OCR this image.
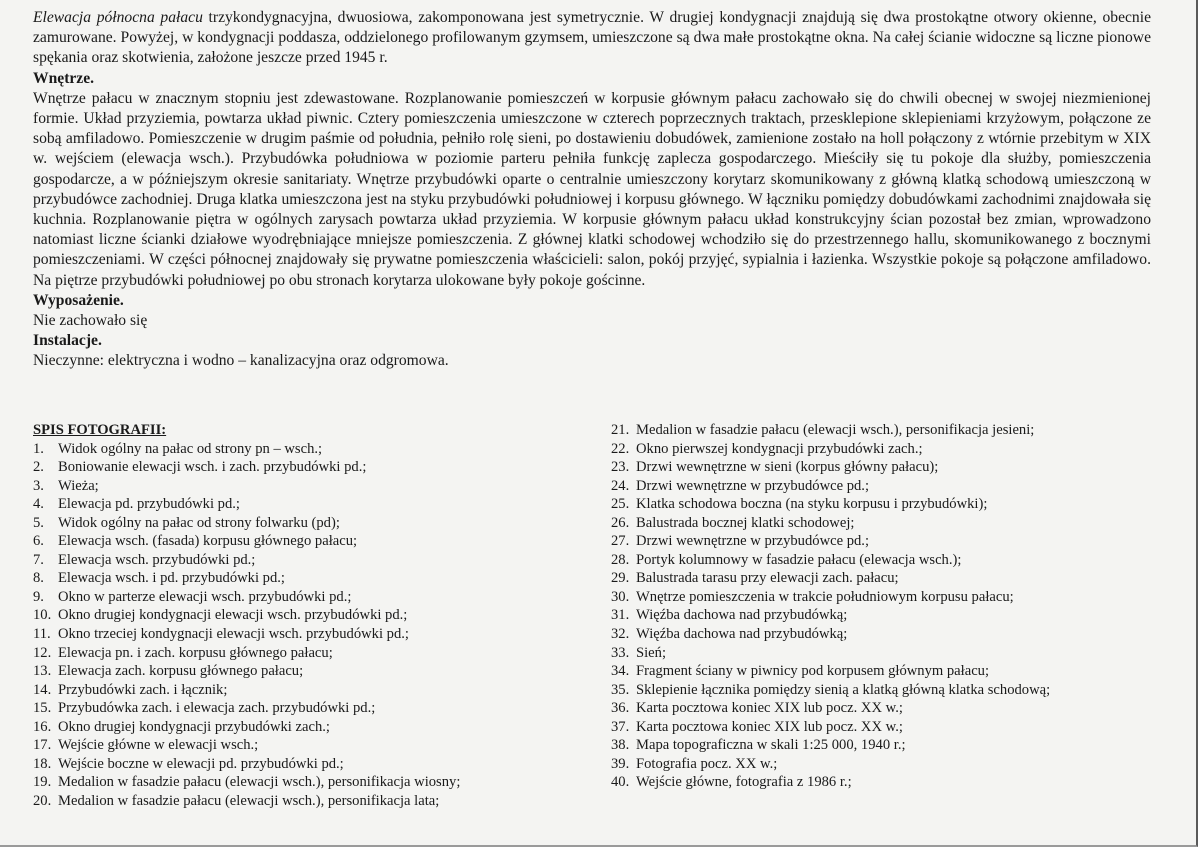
Elewacja północna pałacu trzykondygnacyjna, dwuosiowa, zakomponowana jest symetrycznie. W drugiej kondygnacji znajdują się dwa prostokątne otwory okienne, obecnie zamurowane. Powyżej, w kondygnacji poddasza, oddzielonego profilowanym gzymsem, umieszczone są dwa małe prostokątne okna. Na całej ścianie widoczne są liczne pionowe spękania oraz skotwienia, założone jeszcze przed 1945 r.

Wnętrze.

Wnętrze pałacu w znacznym stopniu jest zdewastowane. Rozplanowanie pomieszczeń w korpusie głównym pałacu zachowało się do chwili obecnej w swojej niezmienionej formie. Układ przyziemia, powtarza układ piwnic. Cztery pomieszczenia umieszczone w czterech poprzecznych traktach, przesklepione sklepieniami krzyżowym, połączone ze sobą amfiladowo. Pomieszczenie w drugim paśmie od południa, pełniło rolę sieni, po dostawieniu dobudówek, zamienione zostało na holl połączony z wtórnie przebitym w XIX w. wejściem (elewacja wsch.). Przybudówka południowa w poziomie parteru pełniła funkcję zaplecza gospodarczego. Mieściły się tu pokoje dla służby, pomieszczenia gospodarcze, a w późniejszym okresie sanitariaty. Wnętrze przybudówki oparte o centralnie umieszczony korytarz skomunikowany z główną klatką schodową umieszczoną w przybudówce zachodniej. Druga klatka umieszczona jest na styku przybudówki południowej i korpusu głównego. W łączniku pomiędzy dobudówkami zachodnimi znajdowała się kuchnia. Rozplanowanie piętra w ogólnych zarysach powtarza układ przyziemia. W korpusie głównym pałacu układ konstrukcyjny ścian pozostał bez zmian, wprowadzono natomiast liczne ścianki działowe wyodrębniające mniejsze pomieszczenia. Z głównej klatki schodowej wchodziło się do przestrzennego hallu, skomunikowanego z bocznymi pomieszczeniami. W części północnej znajdowały się prywatne pomieszczenia właścicieli: salon, pokój przyjęć, sypialnia i łazienka. Wszystkie pokoje są połączone amfiladowo. Na piętrze przybudówki południowej po obu stronach korytarza ulokowane były pokoje gościnne.

Wyposażenie.

Nie zachowało się

Instalacje.

Nieczynne: elektryczna i wodno – kanalizacyjna oraz odgromowa.

SPIS FOTOGRAFII:
1. Widok ogólny na pałac od strony pn – wsch.;
2. Boniowanie elewacji wsch. i zach. przybudówki pd.;
3. Wieża;
4. Elewacja pd. przybudówki pd.;
5. Widok ogólny na pałac od strony folwarku (pd);
6. Elewacja wsch. (fasada) korpusu głównego pałacu;
7. Elewacja wsch. przybudówki pd.;
8. Elewacja wsch. i pd. przybudówki pd.;
9. Okno w parterze elewacji wsch. przybudówki pd.;
10. Okno drugiej kondygnacji elewacji wsch. przybudówki pd.;
11. Okno trzeciej kondygnacji elewacji wsch. przybudówki pd.;
12. Elewacja pn. i zach. korpusu głównego pałacu;
13. Elewacja zach. korpusu głównego pałacu;
14. Przybudówki zach. i łącznik;
15. Przybudówka zach. i elewacja zach. przybudówki pd.;
16. Okno drugiej kondygnacji przybudówki zach.;
17. Wejście główne w elewacji wsch.;
18. Wejście boczne w elewacji pd. przybudówki pd.;
19. Medalion w fasadzie pałacu (elewacji wsch.), personifikacja wiosny;
20. Medalion w fasadzie pałacu (elewacji wsch.), personifikacja lata;
21. Medalion w fasadzie pałacu (elewacji wsch.), personifikacja jesieni;
22. Okno pierwszej kondygnacji przybudówki zach.;
23. Drzwi wewnętrzne w sieni (korpus główny pałacu);
24. Drzwi wewnętrzne w przybudówce pd.;
25. Klatka schodowa boczna (na styku korpusu i przybudówki);
26. Balustrada bocznej klatki schodowej;
27. Drzwi wewnętrzne w przybudówce pd.;
28. Portyk kolumnowy w fasadzie pałacu (elewacja wsch.);
29. Balustrada tarasu przy elewacji zach. pałacu;
30. Wnętrze pomieszczenia w trakcie południowym korpusu pałacu;
31. Więźba dachowa nad przybudówką;
32. Więźba dachowa nad przybudówką;
33. Sień;
34. Fragment ściany w piwnicy pod korpusem głównym pałacu;
35. Sklepienie łącznika pomiędzy sienią a klatką główną klatka schodową;
36. Karta pocztowa koniec XIX lub pocz. XX w.;
37. Karta pocztowa koniec XIX lub pocz. XX w.;
38. Mapa topograficzna w skali 1:25 000, 1940 r.;
39. Fotografia pocz. XX w.;
40. Wejście główne, fotografia z 1986 r.;
